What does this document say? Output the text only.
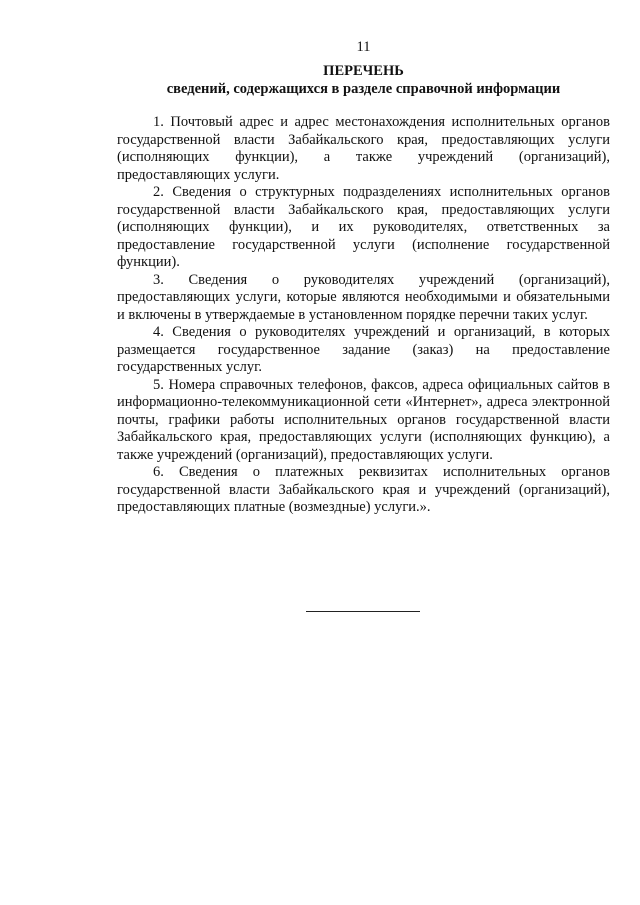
11
ПЕРЕЧЕНЬ
сведений, содержащихся в разделе справочной информации

1. Почтовый адрес и адрес местонахождения исполнительных органов государственной власти Забайкальского края, предоставляющих услуги (исполняющих функции), а также учреждений (организаций), предоставляющих услуги.

2. Сведения о структурных подразделениях исполнительных органов государственной власти Забайкальского края, предоставляющих услуги (исполняющих функции), и их руководителях, ответственных за предоставление государственной услуги (исполнение государственной функции).

3. Сведения о руководителях учреждений (организаций), предоставляющих услуги, которые являются необходимыми и обязательными и включены в утверждаемые в установленном порядке перечни таких услуг.

4. Сведения о руководителях учреждений и организаций, в которых размещается государственное задание (заказ) на предоставление государственных услуг.

5. Номера справочных телефонов, факсов, адреса официальных сайтов в информационно-телекоммуникационной сети «Интернет», адреса электронной почты, графики работы исполнительных органов государственной власти Забайкальского края, предоставляющих услуги (исполняющих функцию), а также учреждений (организаций), предоставляющих услуги.

6. Сведения о платежных реквизитах исполнительных органов государственной власти Забайкальского края и учреждений (организаций), предоставляющих платные (возмездные) услуги.».
